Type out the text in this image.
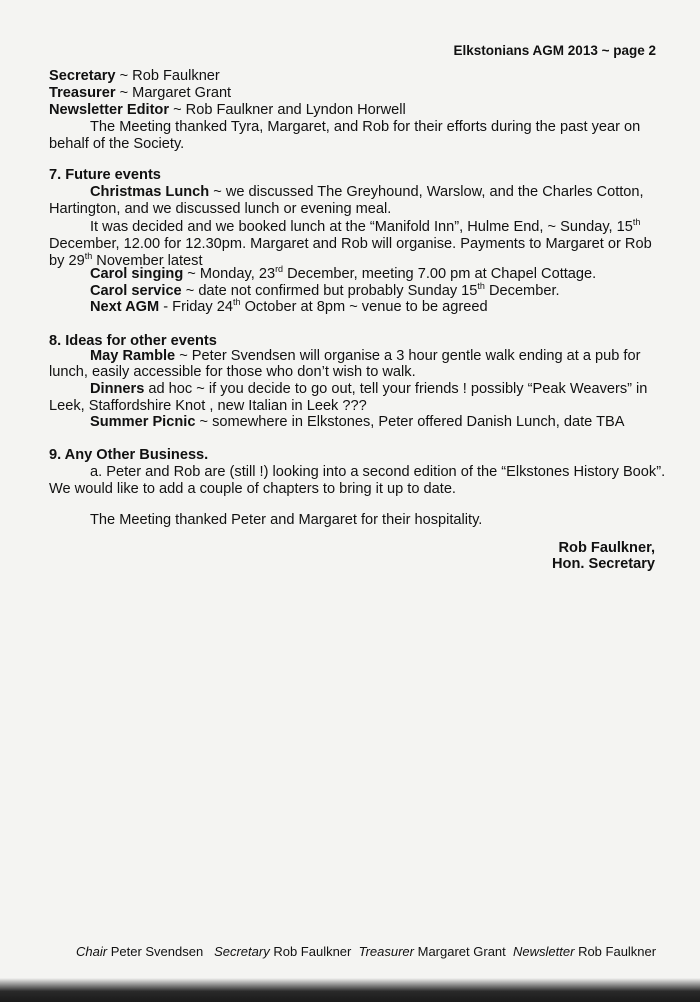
Elkstonians AGM 2013 ~ page 2
Secretary ~ Rob Faulkner
Treasurer ~ Margaret Grant
Newsletter Editor ~ Rob Faulkner and Lyndon Horwell
The Meeting thanked Tyra, Margaret, and Rob for their efforts during the past year on
behalf of the Society.
7. Future events
Christmas Lunch ~ we discussed The Greyhound, Warslow, and the Charles Cotton,
Hartington, and we discussed lunch or evening meal.
It was decided and we booked lunch at the “Manifold Inn”, Hulme End, ~ Sunday, 15th
December, 12.00 for 12.30pm. Margaret and Rob will organise. Payments to Margaret or Rob
by 29th November latest
Carol singing ~ Monday, 23rd December, meeting 7.00 pm at Chapel Cottage.
Carol service ~ date not confirmed but probably Sunday 15th December.
Next AGM - Friday 24th October at 8pm ~ venue to be agreed
8. Ideas for other events
May Ramble ~ Peter Svendsen will organise a 3 hour gentle walk ending at a pub for
lunch, easily accessible for those who don’t wish to walk.
Dinners ad hoc ~ if you decide to go out, tell your friends ! possibly “Peak Weavers” in
Leek, Staffordshire Knot , new Italian in Leek ???
Summer Picnic ~ somewhere in Elkstones, Peter offered Danish Lunch, date TBA
9. Any Other Business.
a. Peter and Rob are (still !) looking into a second edition of the “Elkstones History Book”.
We would like to add a couple of chapters to bring it up to date.
The Meeting thanked Peter and Margaret for their hospitality.
Rob Faulkner,
Hon. Secretary
Chair Peter Svendsen Secretary Rob Faulkner Treasurer Margaret Grant Newsletter Rob Faulkner
